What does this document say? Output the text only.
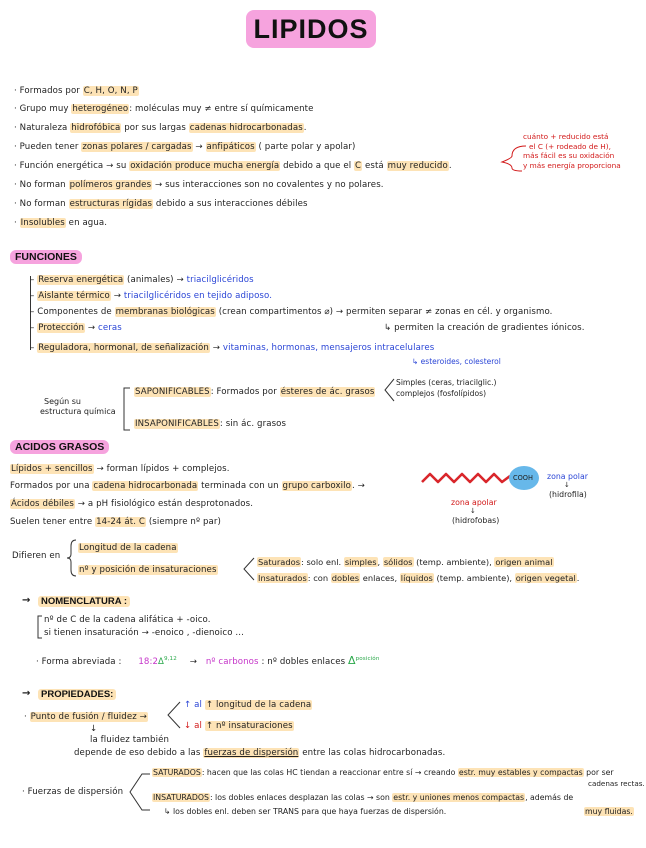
LIPIDOS
· Formados por C, H, O, N, P
· Grupo muy heterogéneo: moléculas muy ≠ entre sí químicamente
· Naturaleza hidrofóbica por sus largas cadenas hidrocarbonadas.
· Pueden tener zonas polares / cargadas → anfipáticos ( parte polar y apolar)
· Función energética → su oxidación produce mucha energía debido a que el C está muy reducido.
· No forman polímeros grandes → sus interacciones son no covalentes y no polares.
· No forman estructuras rígidas debido a sus interacciones débiles
· Insolubles en agua.
cuánto + reducido está
el C (+ rodeado de H),
más fácil es su oxidación
y más energía proporciona
FUNCIONES
– Reserva energética (animales) → triacilglicéridos
– Aislante térmico → triacilglicéridos en tejido adiposo.
– Componentes de membranas biológicas (crean compartimentos ⌀) → permiten separar ≠ zonas en cél. y organismo.
↳ permiten la creación de gradientes iónicos.
– Protección → ceras
– Reguladora, hormonal, de señalización → vitaminas, hormonas, mensajeros intracelulares
↳ esteroides, colesterol
Según su
estructura química
SAPONIFICABLES: Formados por ésteres de ác. grasos
Simples (ceras, triacilglic.)
complejos (fosfolípidos)
INSAPONIFICABLES: sin ác. grasos
ACIDOS GRASOS
Lípidos + sencillos → forman lípidos + complejos.
Formados por una cadena hidrocarbonada terminada con un grupo carboxilo. →
Ácidos débiles → a pH fisiológico están desprotonados.
Suelen tener entre 14-24 át. C (siempre nº par)
COOH zona polar
↓
(hidrofila)
zona apolar
↓
(hidrofobas)
Difieren en
Longitud de la cadena
nº y posición de insaturaciones
Saturados: solo enl. simples, sólidos (temp. ambiente), origen animal
Insaturados: con dobles enlaces, líquidos (temp. ambiente), origen vegetal.
→	NOMENCLATURA :
nº de C de la cadena alifática + -oico.
si tienen insaturación → -enoico , -dienoico ...
· Forma abreviada : $18:2\Delta^{9,12}$ → nº carbonos : nº dobles enlaces $\Delta^{posición}$
→	PROPIEDADES:
· Punto de fusión / fluidez →
↑ al ↑ longitud de la cadena
↓ al ↑ nº insaturaciones
↓
la fluidez también
depende de eso debido a las fuerzas de dispersión entre las colas hidrocarbonadas.
· Fuerzas de dispersión
SATURADOS: hacen que las colas HC tiendan a reaccionar entre sí → creando estr. muy estables y compactas por ser
cadenas rectas.
INSATURADOS: los dobles enlaces desplazan las colas → son estr. y uniones menos compactas, además de
↳ los dobles enl. deben ser TRANS para que haya fuerzas de dispersión.	muy fluidas.
